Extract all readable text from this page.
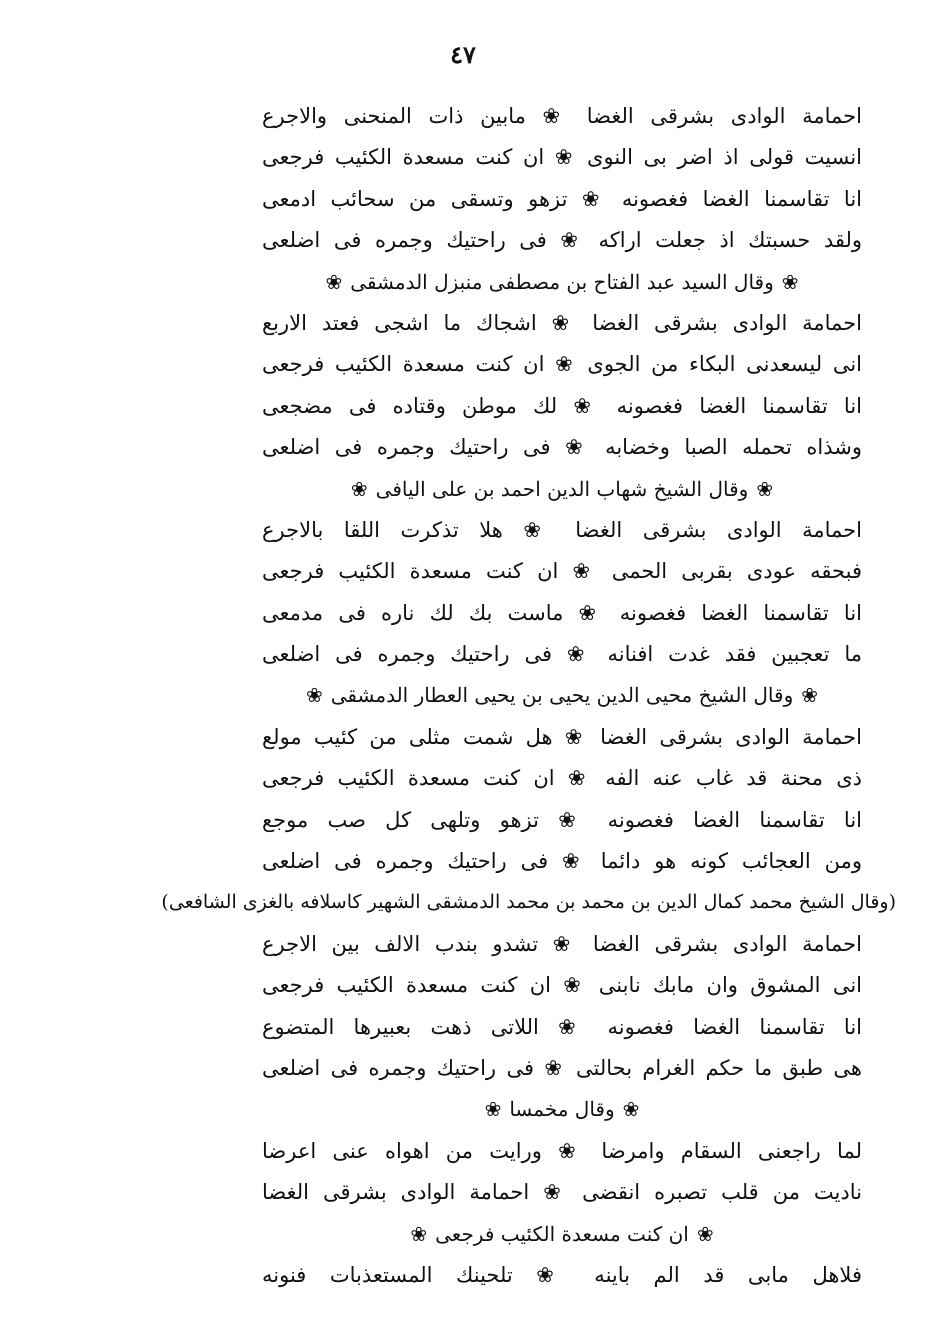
٤٧
احمامة الوادى بشرقى الغضا ❀ مابين ذات المنحنى والاجرع
انسيت قولى اذ اضر بى النوى ❀ ان كنت مسعدة الكئيب فرجعى
انا تقاسمنا الغضا فغصونه ❀ تزهو وتسقى من سحائب ادمعى
ولقد حسبتك اذ جعلت اراكه ❀ فى راحتيك وجمره فى اضلعى
❀وقال السيد عبد الفتاح بن مصطفى منبزل الدمشقى❀
احمامة الوادى بشرقى الغضا ❀ اشجاك ما اشجى فعتد الاربع
انى ليسعدنى البكاء من الجوى ❀ ان كنت مسعدة الكئيب فرجعى
انا تقاسمنا الغضا فغصونه ❀ لك موطن وقتاده فى مضجعى
وشذاه تحمله الصبا وخضابه ❀ فى راحتيك وجمره فى اضلعى
❀وقال الشيخ شهاب الدين احمد بن على اليافى❀
احمامة الوادى بشرقى الغضا ❀ هلا تذكرت اللقا بالاجرع
فبحقه عودى بقربى الحمى ❀ ان كنت مسعدة الكئيب فرجعى
انا تقاسمنا الغضا فغصونه ❀ ماست بك لك ناره فى مدمعى
ما تعجبين فقد غدت افنانه ❀ فى راحتيك وجمره فى اضلعى
❀وقال الشيخ محيى الدين يحيى بن يحيى العطار الدمشقى❀
احمامة الوادى بشرقى الغضا ❀ هل شمت مثلى من كئيب مولع
ذى محنة قد غاب عنه الفه ❀ ان كنت مسعدة الكئيب فرجعى
انا تقاسمنا الغضا فغصونه ❀ تزهو وتلهى كل صب موجع
ومن العجائب كونه هو دائما ❀ فى راحتيك وجمره فى اضلعى
(وقال الشيخ محمد كمال الدين بن محمد بن محمد الدمشقى الشهير كاسلافه بالغزى الشافعى)
احمامة الوادى بشرقى الغضا ❀ تشدو بندب الالف بين الاجرع
انى المشوق وان مابك نابنى ❀ ان كنت مسعدة الكئيب فرجعى
انا تقاسمنا الغضا فغصونه ❀ اللاتى ذهت بعبيرها المتضوع
هى طبق ما حكم الغرام بحالتى ❀ فى راحتيك وجمره فى اضلعى
❀وقال مخمسا❀
لما راجعنى السقام وامرضا ❀ ورايت من اهواه عنى اعرضا
ناديت من قلب تصبره انقضى ❀ احمامة الوادى بشرقى الغضا
❀ان كنت مسعدة الكئيب فرجعى❀
فلاهل مابى قد الم باينه ❀ تلحينك المستعذبات فنونه
